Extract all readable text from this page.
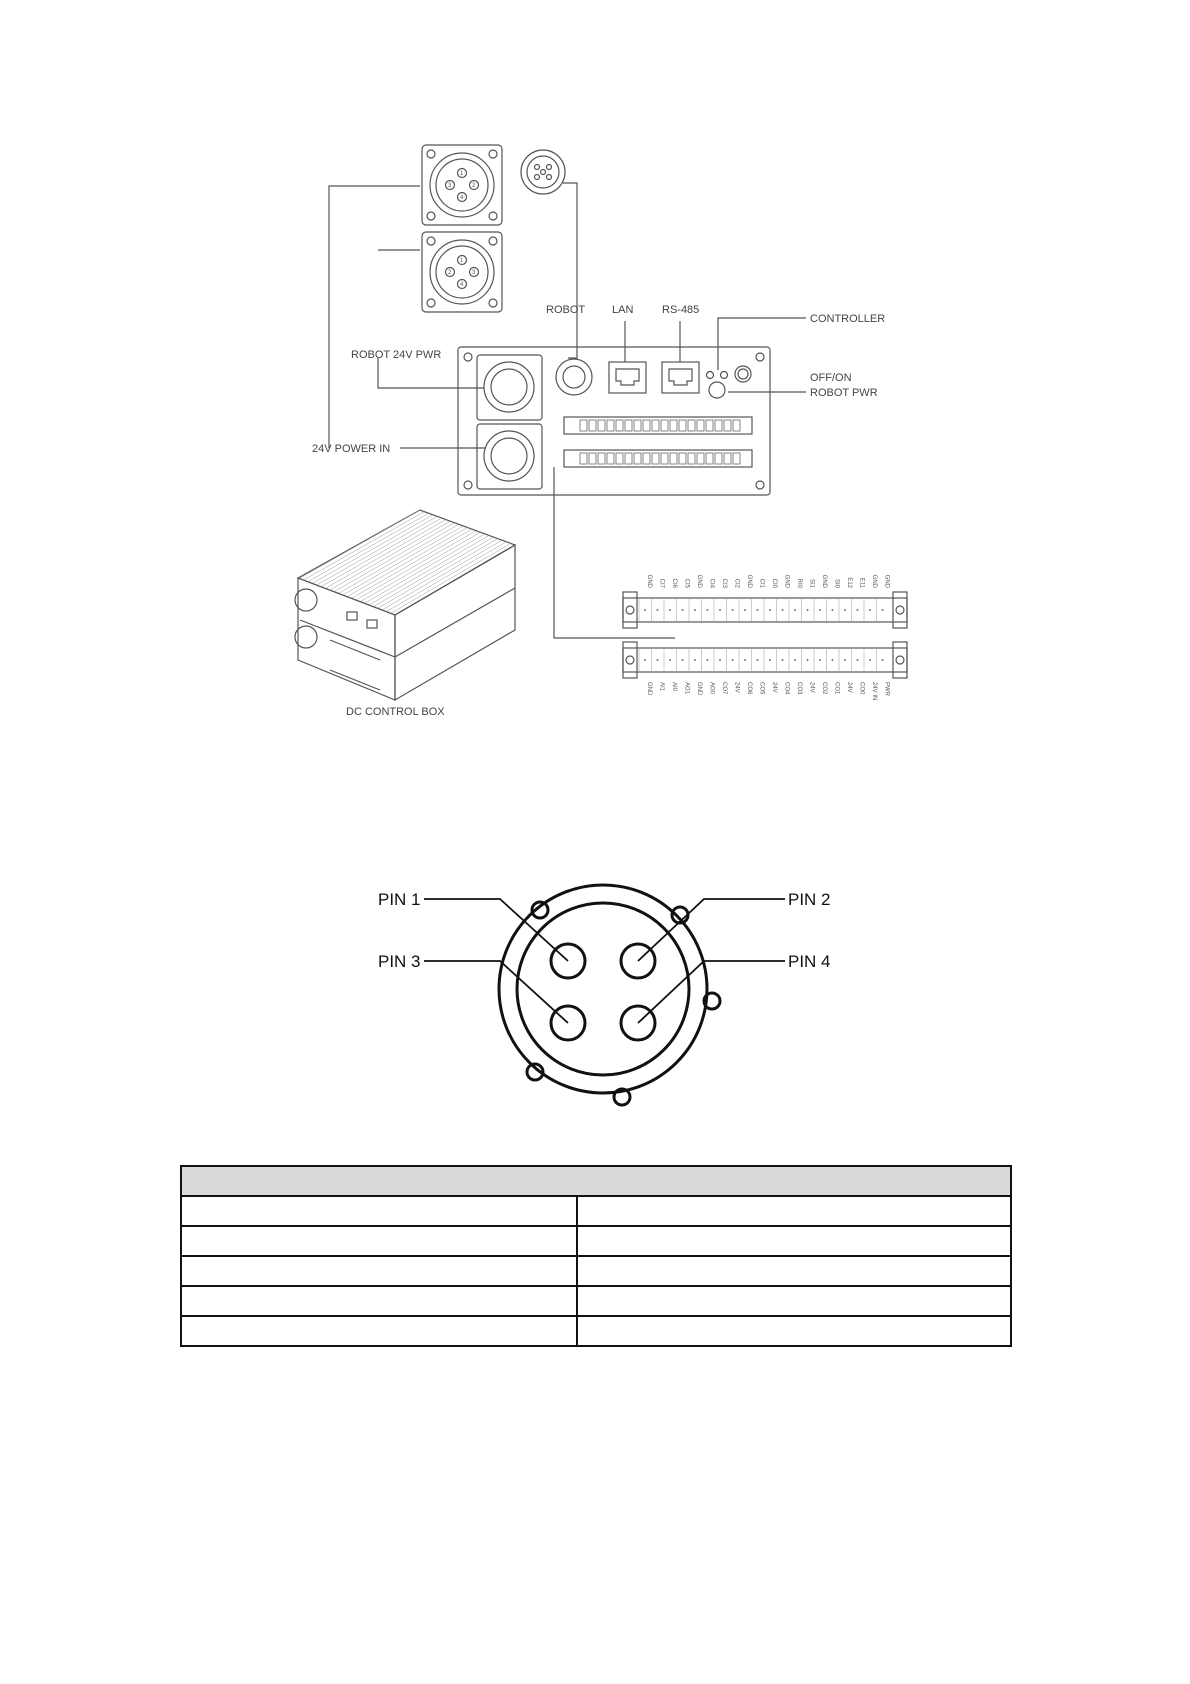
1
3	2
4
1
2	3
4
ROBOT LAN	RS-485
CONTROLLER
OFF/ON
ROBOT PWR
ROBOT 24V PWR
24V POWER IN
DC CONTROL BOX
GND CI7 CI6 CI5 GND CI4 CI3 CI2 GND CI1 CI0 GND RI0 SI1 GND SI0 E12 E11 GND GND
GND AI1 AI0 AO1 GND AO0 CO7 24V CO6 CO5 24V CO4 CO3 24V CO2 CO1 24V CO0 24V IN PWR
PIN 1	PIN 2
PIN 3	PIN 4
